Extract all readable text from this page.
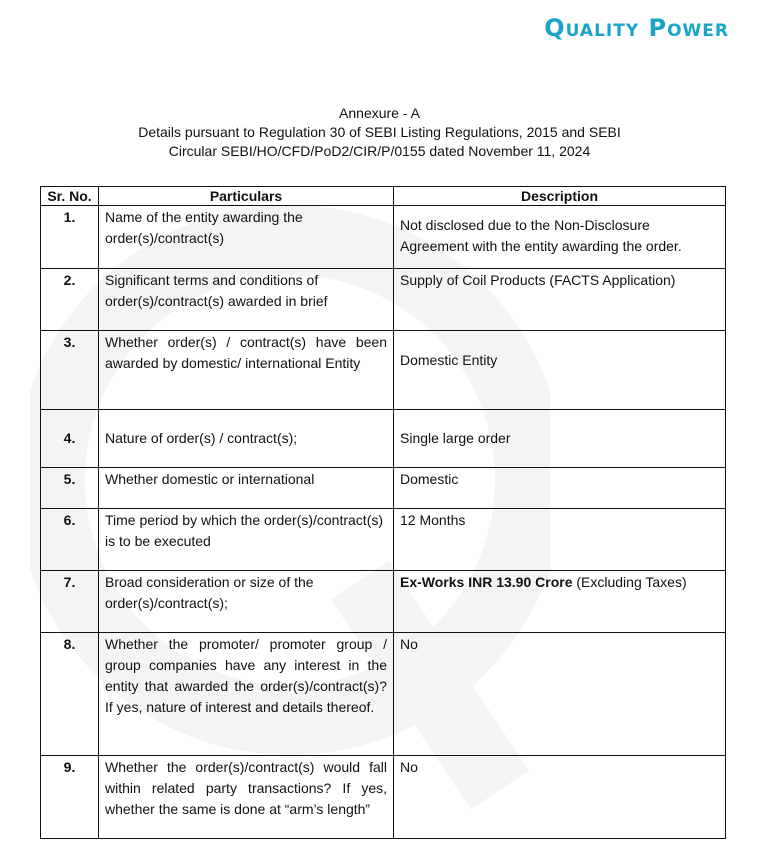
Quality Power
Annexure - A
Details pursuant to Regulation 30 of SEBI Listing Regulations, 2015 and SEBI
Circular SEBI/HO/CFD/PoD2/CIR/P/0155 dated November 11, 2024
Sr. No.	Particulars	Description
1.	Name of the entity awarding the order(s)/contract(s)	Not disclosed due to the Non-Disclosure Agreement with the entity awarding the order.
2.	Significant terms and conditions of order(s)/contract(s) awarded in brief	Supply of Coil Products (FACTS Application)
3.	Whether order(s) / contract(s) have been awarded by domestic/ international Entity	Domestic Entity
4.	Nature of order(s) / contract(s);	Single large order
5.	Whether domestic or international	Domestic
6.	Time period by which the order(s)/contract(s) is to be executed	12 Months
7.	Broad consideration or size of the order(s)/contract(s);	Ex-Works INR 13.90 Crore (Excluding Taxes)
8.	Whether the promoter/ promoter group / group companies have any interest in the entity that awarded the order(s)/contract(s)? If yes, nature of interest and details thereof.	No
9.	Whether the order(s)/contract(s) would fall within related party transactions? If yes, whether the same is done at “arm’s length”	No
